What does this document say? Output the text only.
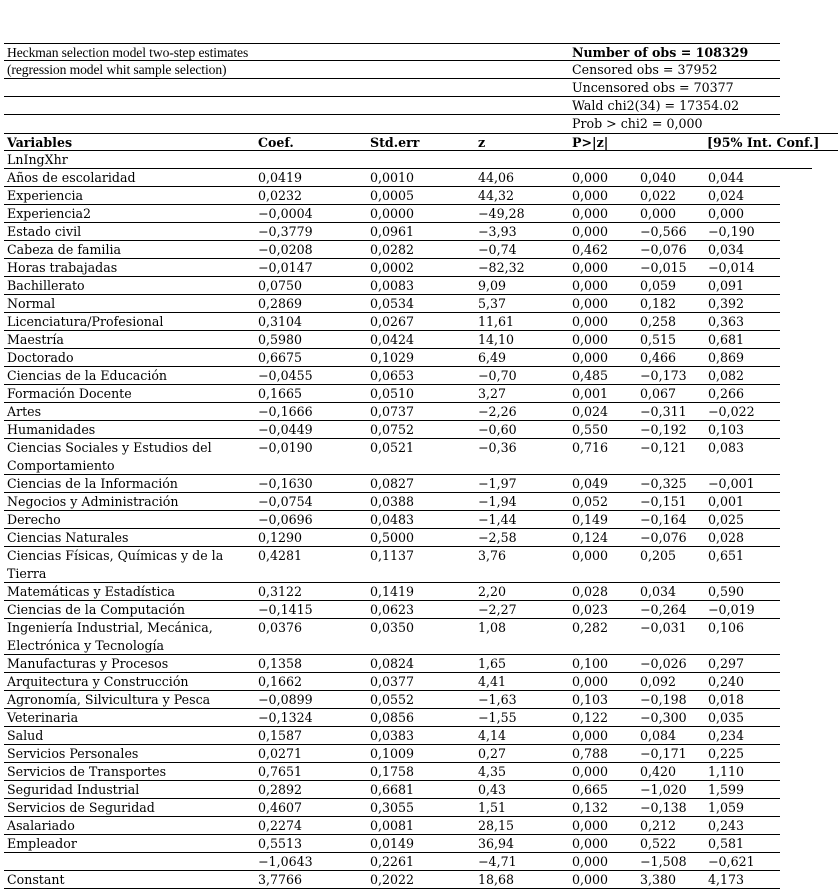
Heckman selection model two-step estimates	Number of obs = 108329
(regression model whit sample selection)	Censored obs = 37952
Uncensored obs = 70377
Wald chi2(34) = 17354.02
Prob > chi2 = 0,000
Variables	Coef.	Std.err	z	P>|z|	[95% Int. Conf.]
LnIngXhr
Años de escolaridad	0,0419	0,0010	44,06	0,000	0,040	0,044
Experiencia	0,0232	0,0005	44,32	0,000	0,022	0,024
Experiencia2	−0,0004	0,0000	−49,28	0,000	0,000	0,000
Estado civil	−0,3779	0,0961	−3,93	0,000	−0,566 −0,190
Cabeza de familia	−0,0208	0,0282	−0,74	0,462	−0,076 0,034
Horas trabajadas	−0,0147	0,0002	−82,32	0,000	−0,015 −0,014
Bachillerato	0,0750	0,0083	9,09	0,000	0,059	0,091
Normal	0,2869	0,0534	5,37	0,000	0,182	0,392
Licenciatura/Profesional	0,3104	0,0267	11,61	0,000	0,258	0,363
Maestría	0,5980	0,0424	14,10	0,000	0,515	0,681
Doctorado	0,6675	0,1029	6,49	0,000	0,466	0,869
Ciencias de la Educación	−0,0455	0,0653	−0,70	0,485	−0,173 0,082
Formación Docente	0,1665	0,0510	3,27	0,001	0,067	0,266
Artes	−0,1666	0,0737	−2,26	0,024	−0,311 −0,022
Humanidades	−0,0449	0,0752	−0,60	0,550	−0,192 0,103
Ciencias Sociales y Estudios del Comportamiento
−0,0190	0,0521	−0,36	0,716	−0,121 0,083
Ciencias de la Información	−0,1630	0,0827	−1,97	0,049	−0,325 −0,001
Negocios y Administración	−0,0754	0,0388	−1,94	0,052	−0,151 0,001
Derecho	−0,0696	0,0483	−1,44	0,149	−0,164 0,025
Ciencias Naturales	0,1290	0,5000	−2,58	0,124	−0,076 0,028
Ciencias Físicas, Químicas y de la Tierra
0,4281	0,1137	3,76	0,000	0,205	0,651
Matemáticas y Estadística	0,3122	0,1419	2,20	0,028	0,034	0,590
Ciencias de la Computación	−0,1415	0,0623	−2,27	0,023	−0,264 −0,019
Ingeniería Industrial, Mecánica, Electrónica y Tecnología
0,0376	0,0350	1,08	0,282	−0,031 0,106
Manufacturas y Procesos	0,1358	0,0824	1,65	0,100	−0,026 0,297
Arquitectura y Construcción	0,1662	0,0377	4,41	0,000	0,092	0,240
Agronomía, Silvicultura y Pesca	−0,0899	0,0552	−1,63	0,103	−0,198 0,018
Veterinaria	−0,1324	0,0856	−1,55	0,122	−0,300 0,035
Salud	0,1587	0,0383	4,14	0,000	0,084	0,234
Servicios Personales	0,0271	0,1009	0,27	0,788	−0,171 0,225
Servicios de Transportes	0,7651	0,1758	4,35	0,000	0,420	1,110
Seguridad Industrial	0,2892	0,6681	0,43	0,665	−1,020 1,599
Servicios de Seguridad	0,4607	0,3055	1,51	0,132	−0,138 1,059
Asalariado	0,2274	0,0081	28,15	0,000	0,212	0,243
Empleador	0,5513	0,0149	36,94	0,000	0,522	0,581
−1,0643	0,2261	−4,71	0,000	−1,508 −0,621
Constant	3,7766	0,2022	18,68	0,000	3,380	4,173
